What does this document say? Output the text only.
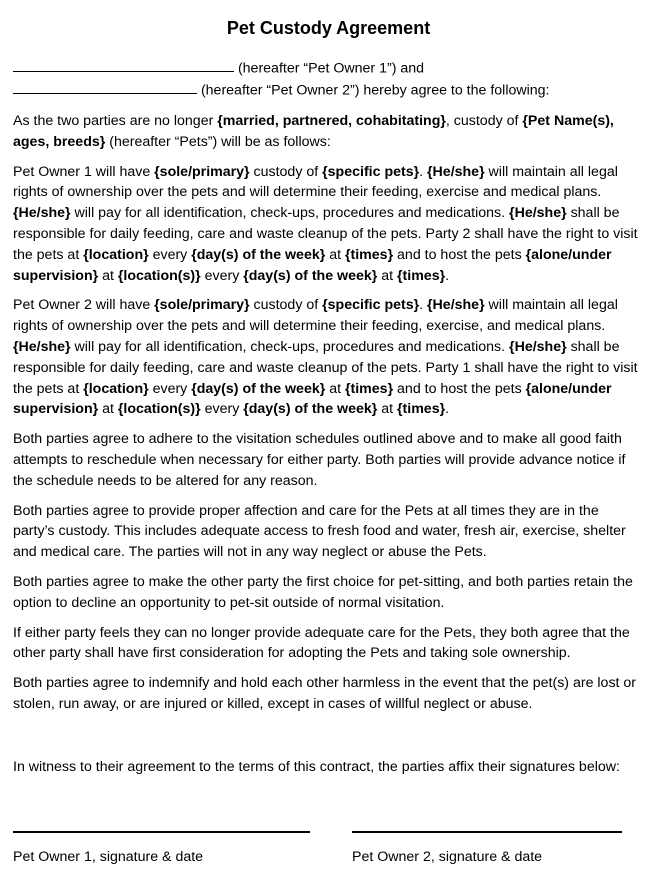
Pet Custody Agreement
(hereafter “Pet Owner 1”) and
(hereafter “Pet Owner 2”) hereby agree to the following:

As the two parties are no longer {married, partnered, cohabitating}, custody of {Pet Name(s), ages, breeds} (hereafter “Pets”) will be as follows:

Pet Owner 1 will have {sole/primary} custody of {specific pets}. {He/she} will maintain all legal rights of ownership over the pets and will determine their feeding, exercise and medical plans. {He/she} will pay for all identification, check-ups, procedures and medications. {He/she} shall be responsible for daily feeding, care and waste cleanup of the pets. Party 2 shall have the right to visit the pets at {location} every {day(s) of the week} at {times} and to host the pets {alone/under supervision} at {location(s)} every {day(s) of the week} at {times}.

Pet Owner 2 will have {sole/primary} custody of {specific pets}. {He/she} will maintain all legal rights of ownership over the pets and will determine their feeding, exercise, and medical plans. {He/she} will pay for all identification, check-ups, procedures and medications. {He/she} shall be responsible for daily feeding, care and waste cleanup of the pets. Party 1 shall have the right to visit the pets at {location} every {day(s) of the week} at {times} and to host the pets {alone/under supervision} at {location(s)} every {day(s) of the week} at {times}.

Both parties agree to adhere to the visitation schedules outlined above and to make all good faith attempts to reschedule when necessary for either party. Both parties will provide advance notice if the schedule needs to be altered for any reason.

Both parties agree to provide proper affection and care for the Pets at all times they are in the party’s custody. This includes adequate access to fresh food and water, fresh air, exercise, shelter and medical care. The parties will not in any way neglect or abuse the Pets.

Both parties agree to make the other party the first choice for pet-sitting, and both parties retain the option to decline an opportunity to pet-sit outside of normal visitation.

If either party feels they can no longer provide adequate care for the Pets, they both agree that the other party shall have first consideration for adopting the Pets and taking sole ownership.

Both parties agree to indemnify and hold each other harmless in the event that the pet(s) are lost or stolen, run away, or are injured or killed, except in cases of willful neglect or abuse.

In witness to their agreement to the terms of this contract, the parties affix their signatures below:

Pet Owner 1, signature & date	Pet Owner 2, signature & date
